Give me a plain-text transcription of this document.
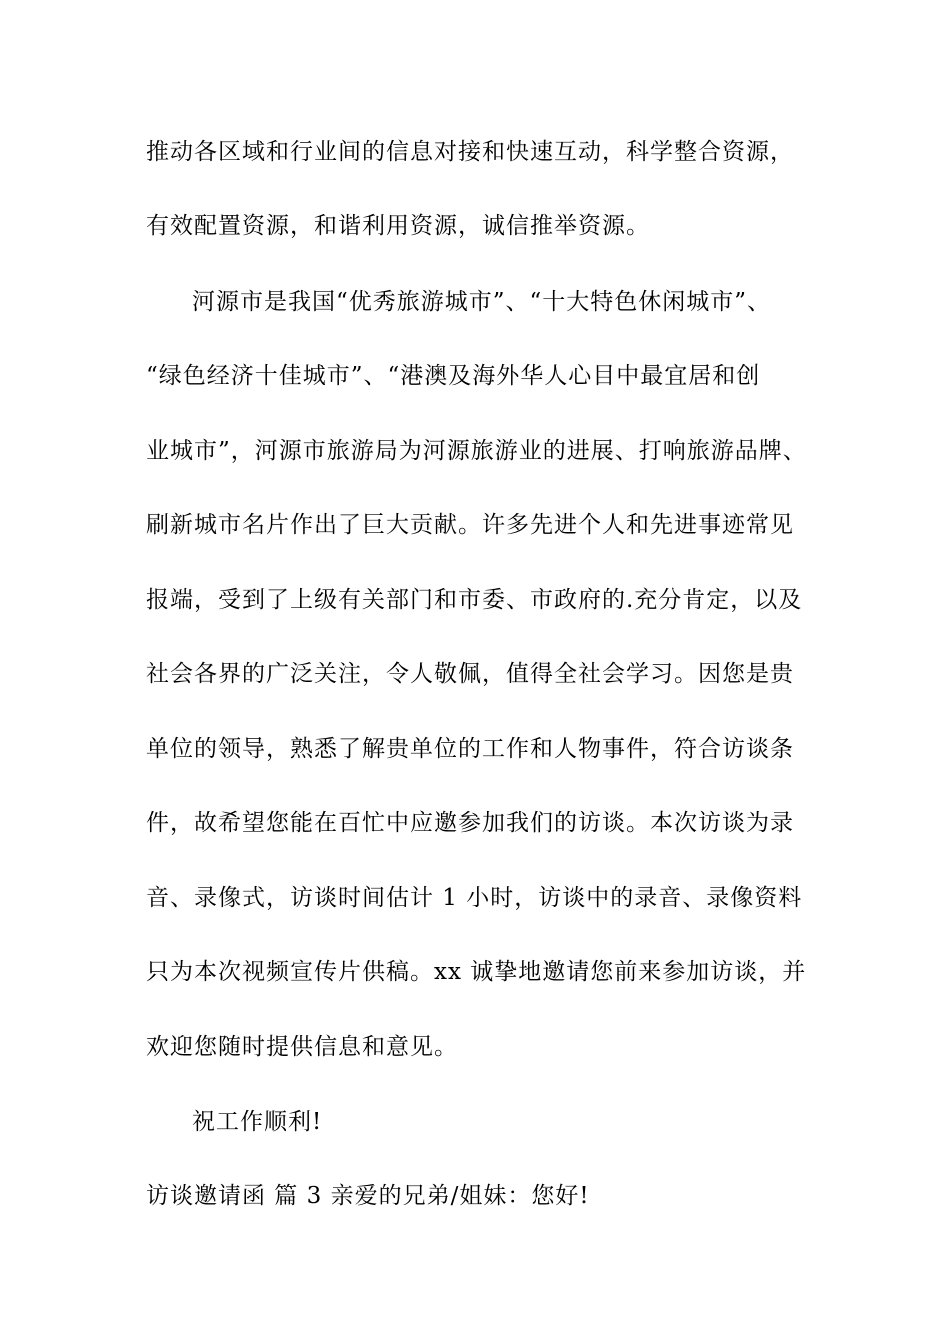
推动各区域和行业间的信息对接和快速互动，科学整合资源，
有效配置资源，和谐利用资源，诚信推举资源。
河源市是我国“优秀旅游城市”、“十大特色休闲城市”、
“绿色经济十佳城市”、“港澳及海外华人心目中最宜居和创
业城市”，河源市旅游局为河源旅游业的进展、打响旅游品牌、
刷新城市名片作出了巨大贡献。许多先进个人和先进事迹常见
报端，受到了上级有关部门和市委、市政府的.充分肯定，以及
社会各界的广泛关注，令人敬佩，值得全社会学习。因您是贵
单位的领导，熟悉了解贵单位的工作和人物事件，符合访谈条
件，故希望您能在百忙中应邀参加我们的访谈。本次访谈为录
音、录像式，访谈时间估计 1 小时，访谈中的录音、录像资料
只为本次视频宣传片供稿。xx 诚挚地邀请您前来参加访谈，并
欢迎您随时提供信息和意见。
祝工作顺利!
访谈邀请函 篇 3 亲爱的兄弟/姐妹：您好!
